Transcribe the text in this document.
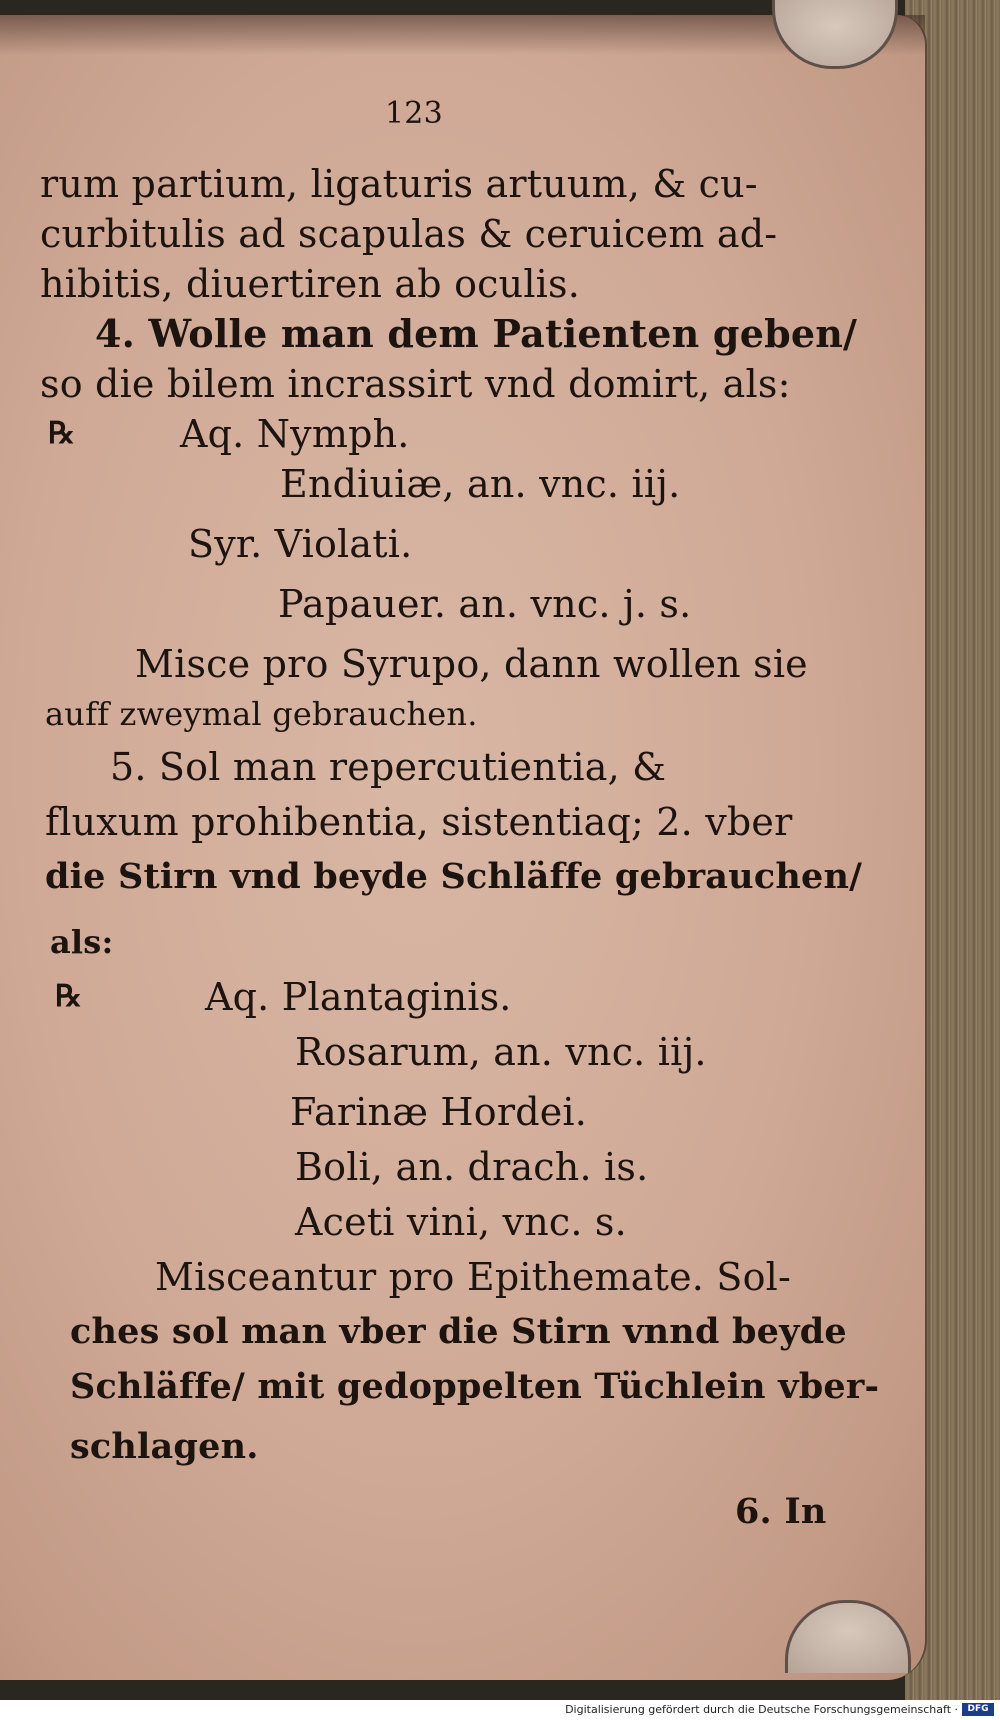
123
rum partium, ligaturis artuum, & cu-
curbitulis ad scapulas & ceruicem ad-
hibitis, diuertiren ab oculis.
4. Wolle man dem Patienten geben/
so die bilem incrassirt vnd domirt, als:
℞	Aq. Nymph.
Endiuiæ, an. vnc. iij.
Syr. Violati.
Papauer. an. vnc. j. s.
Misce pro Syrupo, dann wollen sie
auff zweymal gebrauchen.
5. Sol man repercutientia, &
fluxum prohibentia, sistentiaq; 2. vber
die Stirn vnd beyde Schläffe gebrauchen/
als:
℞	Aq. Plantaginis.
Rosarum, an. vnc. iij.
Farinæ Hordei.
Boli, an. drach. is.
Aceti vini, vnc. s.
Misceantur pro Epithemate. Sol-
ches sol man vber die Stirn vnnd beyde
Schläffe/ mit gedoppelten Tüchlein vber-
schlagen.
6. In
Digitalisierung gefördert durch die Deutsche Forschungsgemeinschaft ·	DFG
